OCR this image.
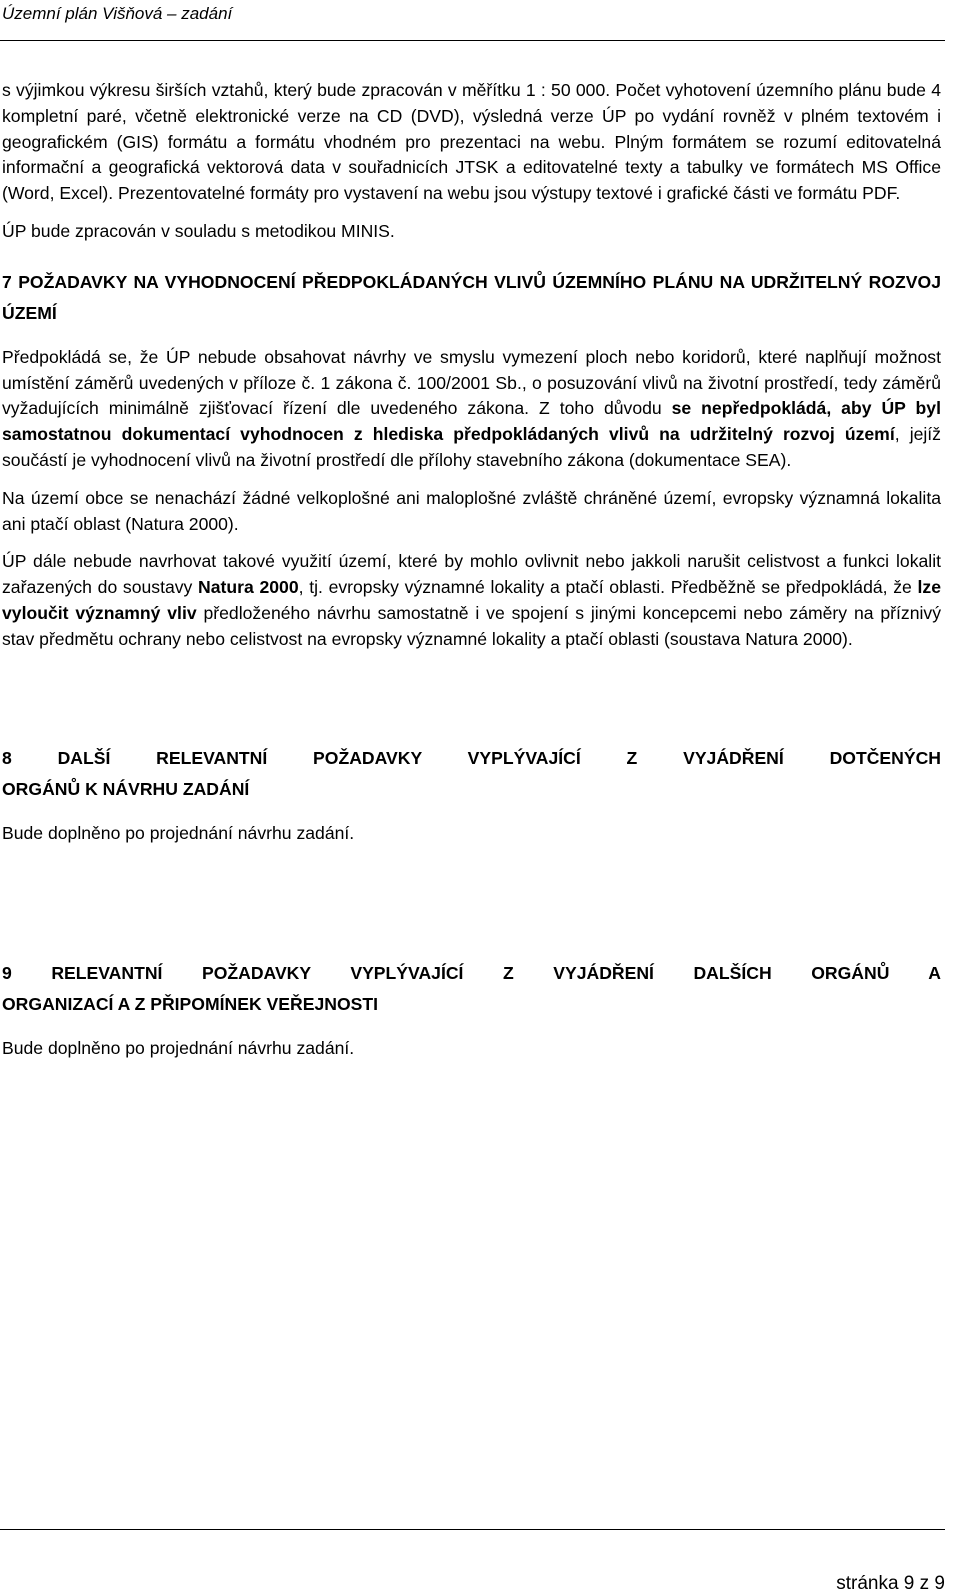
Územní plán Višňová – zadání

s výjimkou výkresu širších vztahů, který bude zpracován v měřítku 1 : 50 000. Počet vyhotovení územního plánu bude 4 kompletní paré, včetně elektronické verze na CD (DVD), výsledná verze ÚP po vydání rovněž v plném textovém i geografickém (GIS) formátu a formátu vhodném pro prezentaci na webu. Plným formátem se rozumí editovatelná informační a geografická vektorová data v souřadnicích JTSK a editovatelné texty a tabulky ve formátech MS Office (Word, Excel). Prezentovatelné formáty pro vystavení na webu jsou výstupy textové i grafické části ve formátu PDF.

ÚP bude zpracován v souladu s metodikou MINIS.

7 POŽADAVKY NA VYHODNOCENÍ PŘEDPOKLÁDANÝCH VLIVŮ ÚZEMNÍHO PLÁNU NA UDRŽITELNÝ ROZVOJ ÚZEMÍ

Předpokládá se, že ÚP nebude obsahovat návrhy ve smyslu vymezení ploch nebo koridorů, které naplňují možnost umístění záměrů uvedených v příloze č. 1 zákona č. 100/2001 Sb., o posuzování vlivů na životní prostředí, tedy záměrů vyžadujících minimálně zjišťovací řízení dle uvedeného zákona. Z toho důvodu se nepředpokládá, aby ÚP byl samostatnou dokumentací vyhodnocen z hlediska předpokládaných vlivů na udržitelný rozvoj území, jejíž součástí je vyhodnocení vlivů na životní prostředí dle přílohy stavebního zákona (dokumentace SEA).

Na území obce se nenachází žádné velkoplošné ani maloplošné zvláště chráněné území, evropsky významná lokalita ani ptačí oblast (Natura 2000).

ÚP dále nebude navrhovat takové využití území, které by mohlo ovlivnit nebo jakkoli narušit celistvost a funkci lokalit zařazených do soustavy Natura 2000, tj. evropsky významné lokality a ptačí oblasti. Předběžně se předpokládá, že lze vyloučit významný vliv předloženého návrhu samostatně i ve spojení s jinými koncepcemi nebo záměry na příznivý stav předmětu ochrany nebo celistvost na evropsky významné lokality a ptačí oblasti (soustava Natura 2000).

8 DALŠÍ RELEVANTNÍ POŽADAVKY VYPLÝVAJÍCÍ Z VYJÁDŘENÍ DOTČENÝCH
ORGÁNŮ K NÁVRHU ZADÁNÍ

Bude doplněno po projednání návrhu zadání.

9 RELEVANTNÍ POŽADAVKY VYPLÝVAJÍCÍ Z VYJÁDŘENÍ DALŠÍCH ORGÁNŮ A
ORGANIZACÍ A Z PŘIPOMÍNEK VEŘEJNOSTI

Bude doplněno po projednání návrhu zadání.

stránka 9 z 9
